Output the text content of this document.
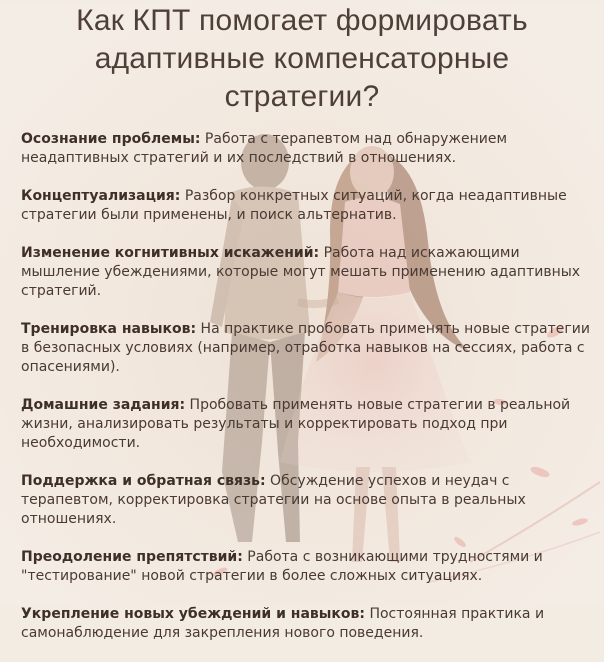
Как КПТ помогает формировать адаптивные компенсаторные стратегии?

Осознание проблемы: Работа с терапевтом над обнаружением неадаптивных стратегий и их последствий в отношениях.

Концептуализация: Разбор конкретных ситуаций, когда неадаптивные стратегии были применены, и поиск альтернатив.

Изменение когнитивных искажений: Работа над искажающими мышление убеждениями, которые могут мешать применению адаптивных стратегий.

Тренировка навыков: На практике пробовать применять новые стратегии в безопасных условиях (например, отработка навыков на сессиях, работа с опасениями).

Домашние задания: Пробовать применять новые стратегии в реальной жизни, анализировать результаты и корректировать подход при необходимости.

Поддержка и обратная связь: Обсуждение успехов и неудач с терапевтом, корректировка стратегии на основе опыта в реальных отношениях.

Преодоление препятствий: Работа с возникающими трудностями и "тестирование" новой стратегии в более сложных ситуациях.

Укрепление новых убеждений и навыков: Постоянная практика и самонаблюдение для закрепления нового поведения.
